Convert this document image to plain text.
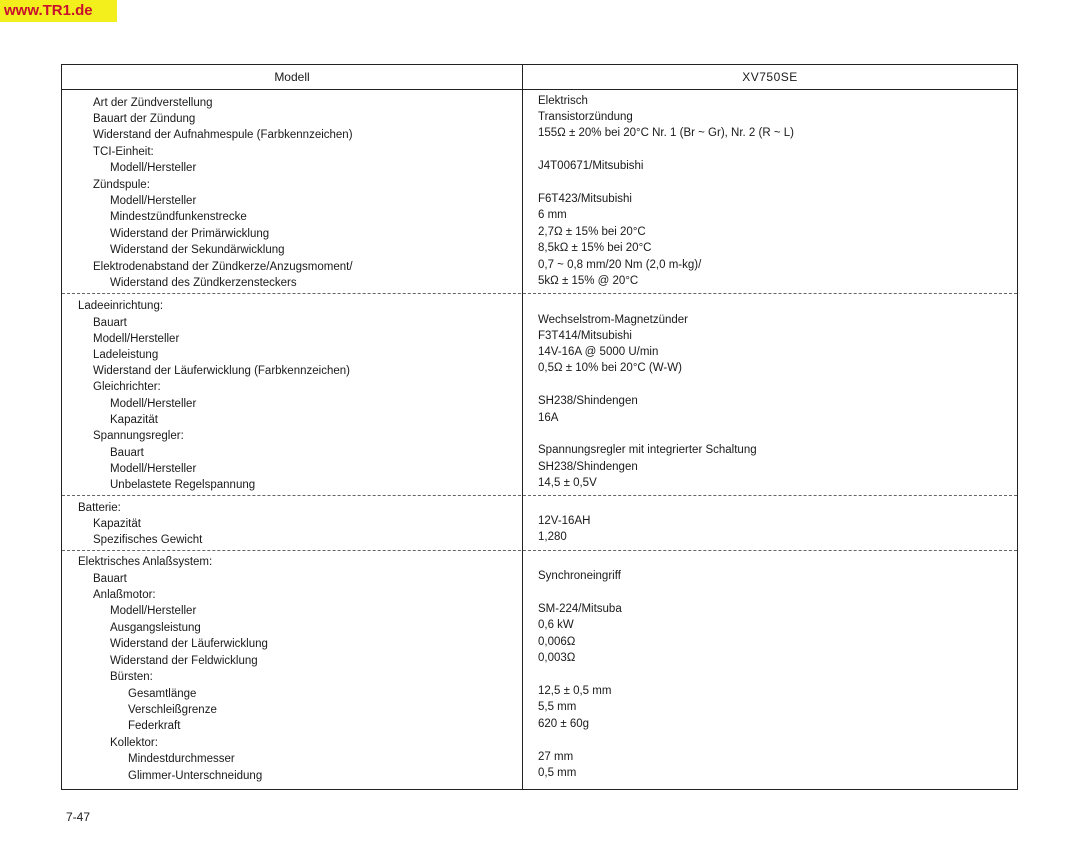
www.TR1.de
Modell	XV750SE
Art der Zündverstellung	Elektrisch
Bauart der Zündung	Transistorzündung
Widerstand der Aufnahmespule (Farbkennzeichen)	155Ω ± 20% bei 20°C Nr. 1 (Br ~ Gr), Nr. 2 (R ~ L)
TCI-Einheit:
Modell/Hersteller	J4T00671/Mitsubishi
Zündspule:
Modell/Hersteller	F6T423/Mitsubishi
Mindestzündfunkenstrecke	6 mm
Widerstand der Primärwicklung	2,7Ω ± 15% bei 20°C
Widerstand der Sekundärwicklung	8,5kΩ ± 15% bei 20°C
Elektrodenabstand der Zündkerze/Anzugsmoment/	0,7 ~ 0,8 mm/20 Nm (2,0 m-kg)/
Widerstand des Zündkerzensteckers	5kΩ ± 15% @ 20°C
Ladeeinrichtung:
Bauart	Wechselstrom-Magnetzünder
Modell/Hersteller	F3T414/Mitsubishi
Ladeleistung	14V-16A @ 5000 U/min
Widerstand der Läuferwicklung (Farbkennzeichen)	0,5Ω ± 10% bei 20°C (W-W)
Gleichrichter:
Modell/Hersteller	SH238/Shindengen
Kapazität	16A
Spannungsregler:
Bauart	Spannungsregler mit integrierter Schaltung
Modell/Hersteller	SH238/Shindengen
Unbelastete Regelspannung	14,5 ± 0,5V
Batterie:
Kapazität	12V-16AH
Spezifisches Gewicht	1,280
Elektrisches Anlaßsystem:
Bauart	Synchroneingriff
Anlaßmotor:
Modell/Hersteller	SM-224/Mitsuba
Ausgangsleistung	0,6 kW
Widerstand der Läuferwicklung	0,006Ω
Widerstand der Feldwicklung	0,003Ω
Bürsten:
Gesamtlänge	12,5 ± 0,5 mm
Verschleißgrenze	5,5 mm
Federkraft	620 ± 60g
Kollektor:
Mindestdurchmesser	27 mm
Glimmer-Unterschneidung	0,5 mm
7-47
